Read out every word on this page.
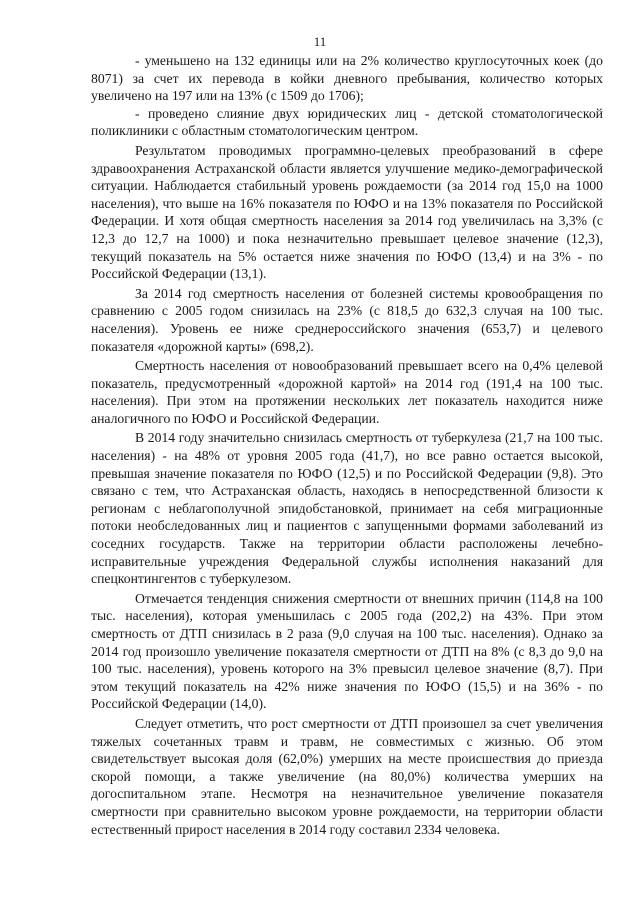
11

- уменьшено на 132 единицы или на 2% количество круглосуточных коек (до 8071) за счет их перевода в койки дневного пребывания, количество которых увеличено на 197 или на 13% (с 1509 до 1706);

- проведено слияние двух юридических лиц - детской стоматологической поликлиники с областным стоматологическим центром.

Результатом проводимых программно-целевых преобразований в сфере здравоохранения Астраханской области является улучшение медико-демографической ситуации. Наблюдается стабильный уровень рождаемости (за 2014 год 15,0 на 1000 населения), что выше на 16% показателя по ЮФО и на 13% показателя по Российской Федерации. И хотя общая смертность населения за 2014 год увеличилась на 3,3% (с 12,3 до 12,7 на 1000) и пока незначительно превышает целевое значение (12,3), текущий показатель на 5% остается ниже значения по ЮФО (13,4) и на 3% - по Российской Федерации (13,1).

За 2014 год смертность населения от болезней системы кровообращения по сравнению с 2005 годом снизилась на 23% (с 818,5 до 632,3 случая на 100 тыс. населения). Уровень ее ниже среднероссийского значения (653,7) и целевого показателя «дорожной карты» (698,2).

Смертность населения от новообразований превышает всего на 0,4% целевой показатель, предусмотренный «дорожной картой» на 2014 год (191,4 на 100 тыс. населения). При этом на протяжении нескольких лет показатель находится ниже аналогичного по ЮФО и Российской Федерации.

В 2014 году значительно снизилась смертность от туберкулеза (21,7 на 100 тыс. населения) - на 48% от уровня 2005 года (41,7), но все равно остается высокой, превышая значение показателя по ЮФО (12,5) и по Российской Федерации (9,8). Это связано с тем, что Астраханская область, находясь в непосредственной близости к регионам с неблагополучной эпидобстановкой, принимает на себя миграционные потоки необследованных лиц и пациентов с запущенными формами заболеваний из соседних государств. Также на территории области расположены лечебно-исправительные учреждения Федеральной службы исполнения наказаний для спецконтингентов с туберкулезом.

Отмечается тенденция снижения смертности от внешних причин (114,8 на 100 тыс. населения), которая уменьшилась с 2005 года (202,2) на 43%. При этом смертность от ДТП снизилась в 2 раза (9,0 случая на 100 тыс. населения). Однако за 2014 год произошло увеличение показателя смертности от ДТП на 8% (с 8,3 до 9,0 на 100 тыс. населения), уровень которого на 3% превысил целевое значение (8,7). При этом текущий показатель на 42% ниже значения по ЮФО (15,5) и на 36% - по Российской Федерации (14,0).

Следует отметить, что рост смертности от ДТП произошел за счет увеличения тяжелых сочетанных травм и травм, не совместимых с жизнью. Об этом свидетельствует высокая доля (62,0%) умерших на месте происшествия до приезда скорой помощи, а также увеличение (на 80,0%) количества умерших на догоспитальном этапе. Несмотря на незначительное увеличение показателя смертности при сравнительно высоком уровне рождаемости, на территории области естественный прирост населения в 2014 году составил 2334 человека.
